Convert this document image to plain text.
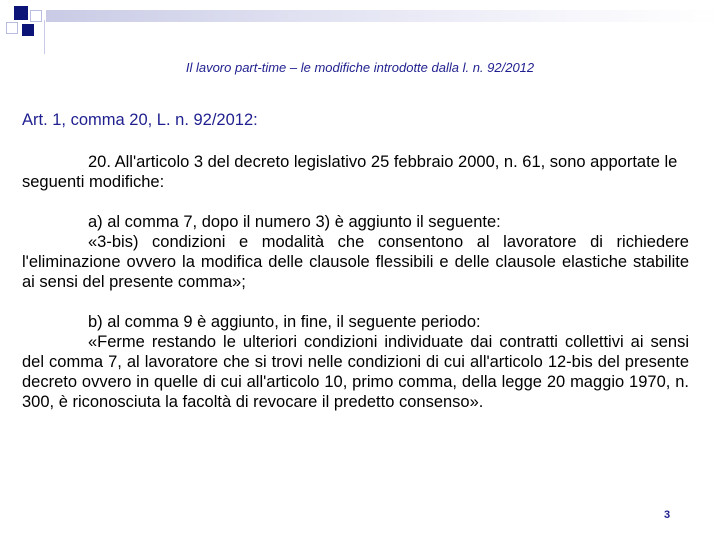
Il lavoro part-time – le modifiche introdotte dalla l. n. 92/2012

Art. 1, comma 20, L. n. 92/2012:

20. All'articolo 3 del decreto legislativo 25 febbraio 2000, n. 61, sono apportate le seguenti modifiche:

a) al comma 7, dopo il numero 3) è aggiunto il seguente:

«3-bis) condizioni e modalità che consentono al lavoratore di richiedere l'eliminazione ovvero la modifica delle clausole flessibili e delle clausole elastiche stabilite ai sensi del presente comma»;

b) al comma 9 è aggiunto, in fine, il seguente periodo:

«Ferme restando le ulteriori condizioni individuate dai contratti collettivi ai sensi del comma 7, al lavoratore che si trovi nelle condizioni di cui all'articolo 12-bis del presente decreto ovvero in quelle di cui all'articolo 10, primo comma, della legge 20 maggio 1970, n. 300, è riconosciuta la facoltà di revocare il predetto consenso».

3
